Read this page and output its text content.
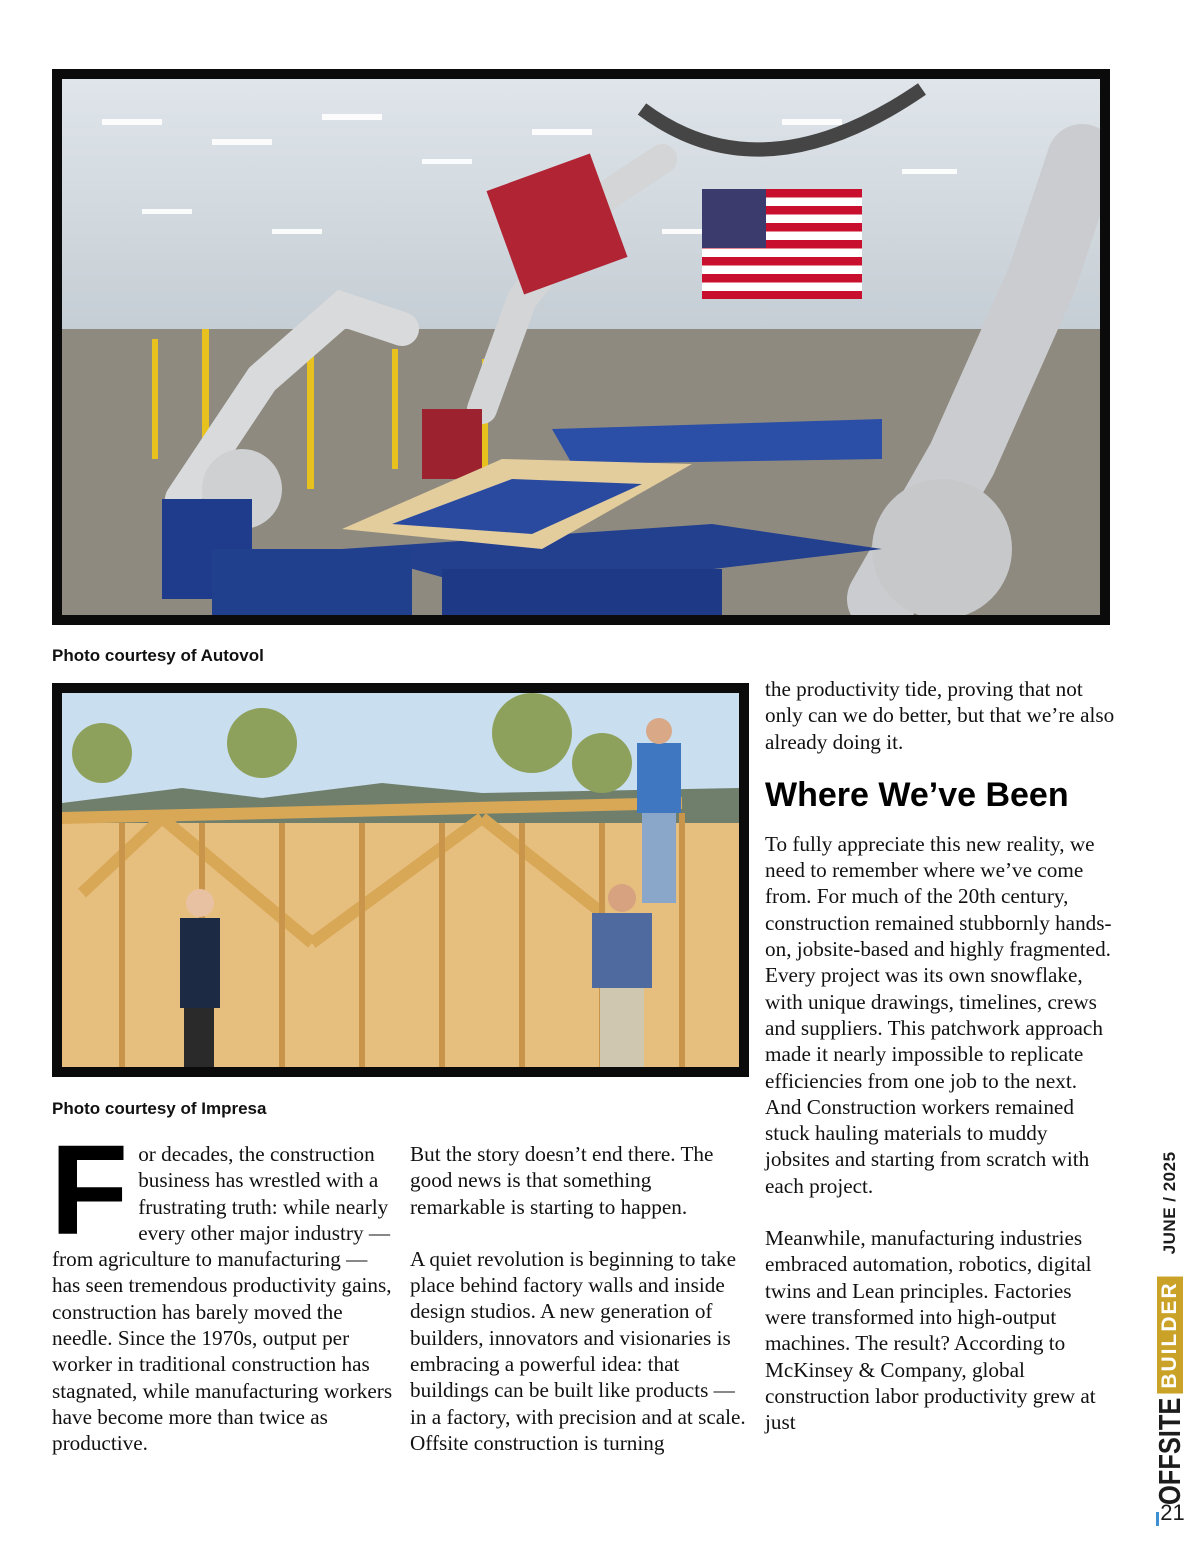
Photo courtesy of Autovol

Photo courtesy of Impresa

For decades, the construction business has wrestled with a frustrating truth: while nearly every other major industry — from agriculture to manufacturing — has seen tremendous productivity gains, construction has barely moved the needle. Since the 1970s, output per worker in traditional construction has stagnated, while manufacturing workers have become more than twice as productive.

But the story doesn’t end there. The good news is that something remarkable is starting to happen.

A quiet revolution is beginning to take place behind factory walls and inside design studios. A new generation of builders, innovators and visionaries is embracing a powerful idea: that buildings can be built like products — in a factory, with precision and at scale. Offsite construction is turning

the productivity tide, proving that not only can we do better, but that we’re also already doing it.

Where We’ve Been

To fully appreciate this new reality, we need to remember where we’ve come from. For much of the 20th century, construction remained stubbornly hands-on, jobsite-based and highly fragmented. Every project was its own snowflake, with unique drawings, timelines, crews and suppliers. This patchwork approach made it nearly impossible to replicate efficiencies from one job to the next. And Construction workers remained stuck hauling materials to muddy jobsites and starting from scratch with each project.

Meanwhile, manufacturing industries embraced automation, robotics, digital twins and Lean principles. Factories were transformed into high-output machines. The result? According to McKinsey & Company, global construction labor productivity grew at just	OFFSITE
BUILDER
JUNE / 2025
21
